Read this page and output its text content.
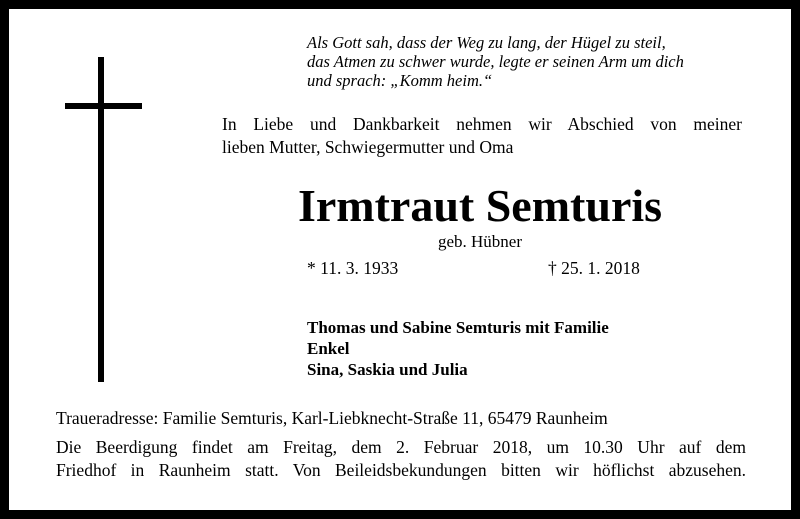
Als Gott sah, dass der Weg zu lang, der Hügel zu steil,
das Atmen zu schwer wurde, legte er seinen Arm um dich
und sprach: „Komm heim.“
In Liebe und Dankbarkeit nehmen wir Abschied von meiner
lieben Mutter, Schwiegermutter und Oma
Irmtraut Semturis
geb. Hübner
* 11. 3. 1933	† 25. 1. 2018
Thomas und Sabine Semturis mit Familie
Enkel
Sina, Saskia und Julia
Traueradresse: Familie Semturis, Karl-Liebknecht-Straße 11, 65479 Raunheim
Die Beerdigung findet am Freitag, dem 2. Februar 2018, um 10.30 Uhr auf dem
Friedhof in Raunheim statt. Von Beileidsbekundungen bitten wir höflichst abzusehen.
